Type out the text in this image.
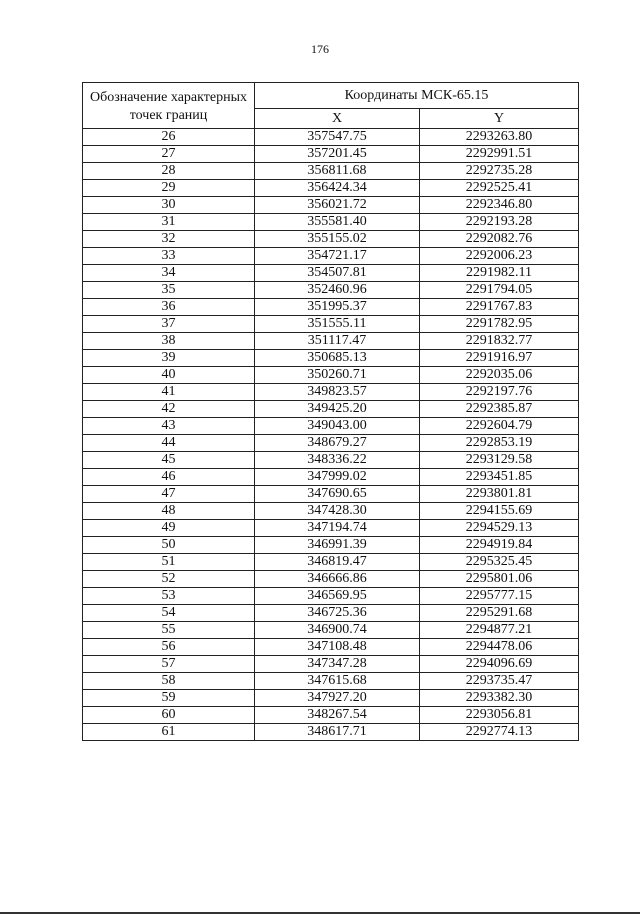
176
Обозначение характерных точек границ	Координаты МСК-65.15	
	X	Y
26	357547.75	2293263.80
27	357201.45	2292991.51
28	356811.68	2292735.28
29	356424.34	2292525.41
30	356021.72	2292346.80
31	355581.40	2292193.28
32	355155.02	2292082.76
33	354721.17	2292006.23
34	354507.81	2291982.11
35	352460.96	2291794.05
36	351995.37	2291767.83
37	351555.11	2291782.95
38	351117.47	2291832.77
39	350685.13	2291916.97
40	350260.71	2292035.06
41	349823.57	2292197.76
42	349425.20	2292385.87
43	349043.00	2292604.79
44	348679.27	2292853.19
45	348336.22	2293129.58
46	347999.02	2293451.85
47	347690.65	2293801.81
48	347428.30	2294155.69
49	347194.74	2294529.13
50	346991.39	2294919.84
51	346819.47	2295325.45
52	346666.86	2295801.06
53	346569.95	2295777.15
54	346725.36	2295291.68
55	346900.74	2294877.21
56	347108.48	2294478.06
57	347347.28	2294096.69
58	347615.68	2293735.47
59	347927.20	2293382.30
60	348267.54	2293056.81
61	348617.71	2292774.13
